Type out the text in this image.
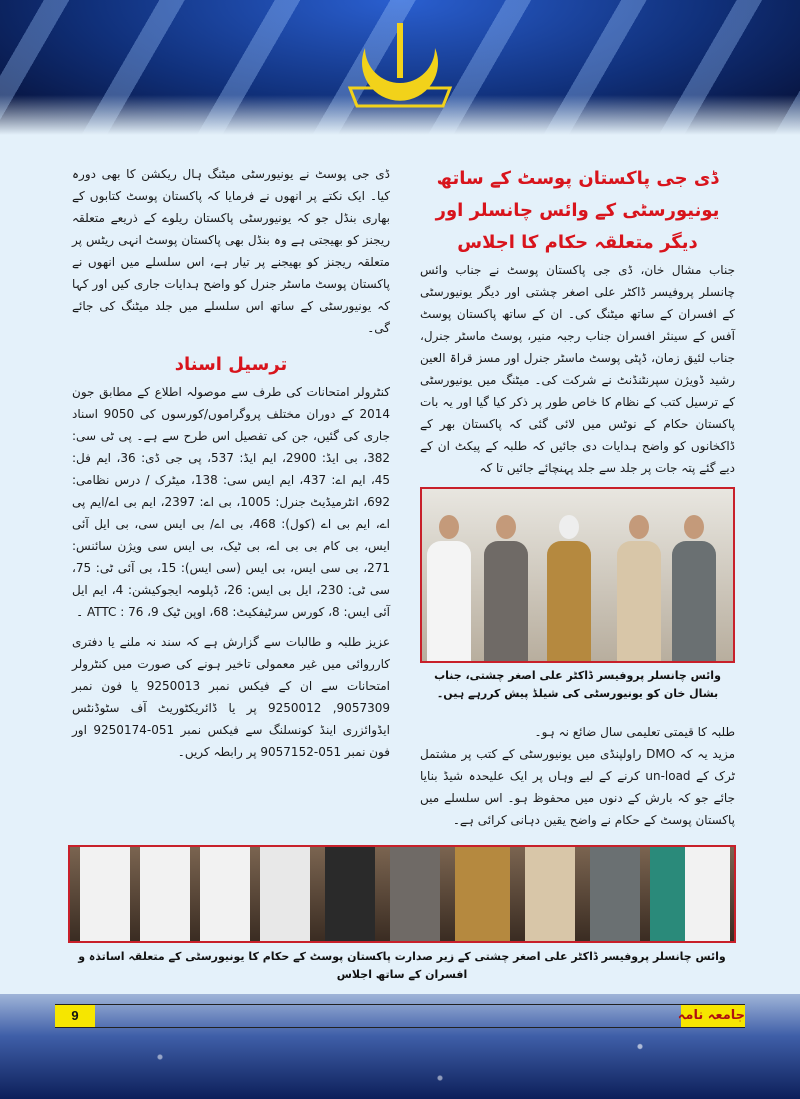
ڈی جی پوسٹ نے یونیورسٹی میٹنگ ہال ریکشن کا بھی دورہ کیا۔ ایک نکتے پر انھوں نے فرمایا کہ پاکستان پوسٹ کتابوں کے بھاری بنڈل جو کہ یونیورسٹی پاکستان ریلوے کے ذریعے متعلقہ ریجنز کو بھیجتی ہے وہ بنڈل بھی پاکستان پوسٹ انہی ریٹس پر متعلقہ ریجنز کو بھیجنے پر تیار ہے، اس سلسلے میں انھوں نے پاکستان پوسٹ ماسٹر جنرل کو واضح ہدایات جاری کیں اور کہا کہ یونیورسٹی کے ساتھ اس سلسلے میں جلد میٹنگ کی جائے گی۔

ترسیل اسناد

کنٹرولر امتحانات کی طرف سے موصولہ اطلاع کے مطابق جون 2014 کے دوران مختلف پروگراموں/کورسوں کی 9050 اسناد جاری کی گئیں، جن کی تفصیل اس طرح سے ہے۔ پی ٹی سی: 382، بی ایڈ: 2900، ایم ایڈ: 537، پی جی ڈی: 36، ایم فل: 45، ایم اے: 437، ایم ایس سی: 138، میٹرک / درس نظامی: 692، انٹرمیڈیٹ جنرل: 1005، بی اے: 2397، ایم بی اے/ایم پی اے، ایم بی اے (کول): 468، بی اے/ بی ایس سی، بی ایل آئی ایس، بی کام بی بی اے، بی ٹیک، بی ایس سی ویژن سائنس: 271، بی سی ایس، بی ایس (سی ایس): 15، بی آئی ٹی: 75، سی ٹی: 230، ایل بی ایس: 26، ڈپلومہ ایجوکیشن: 4، ایم ایل آئی ایس: 8، کورس سرٹیفکیٹ: 68، اوپن ٹیک 9، ATTC : 76 ۔

عزیز طلبہ و طالبات سے گزارش ہے کہ سند نہ ملنے یا دفتری کارروائی میں غیر معمولی تاخیر ہونے کی صورت میں کنٹرولر امتحانات سے ان کے فیکس نمبر 9250013 یا فون نمبر 9057309, 9250012 پر یا ڈائریکٹوریٹ آف سٹوڈنٹس ایڈوائزری اینڈ کونسلنگ سے فیکس نمبر 051-9250174 اور فون نمبر 051-9057152 پر رابطہ کریں۔

ڈی جی پاکستان پوسٹ کے ساتھ یونیورسٹی کے وائس چانسلر اور

دیگر متعلقہ حکام کا اجلاس

جناب مشال خان، ڈی جی پاکستان پوسٹ نے جناب وائس چانسلر پروفیسر ڈاکٹر علی اصغر چشتی اور دیگر یونیورسٹی کے افسران کے ساتھ میٹنگ کی۔ ان کے ساتھ پاکستان پوسٹ آفس کے سینئر افسران جناب رجبہ منیر، پوسٹ ماسٹر جنرل، جناب لئیق زمان، ڈپٹی پوسٹ ماسٹر جنرل اور مسز قراۃ العین رشید ڈویژن سپرنٹنڈنٹ نے شرکت کی۔ میٹنگ میں یونیورسٹی کے ترسیل کتب کے نظام کا خاص طور پر ذکر کیا گیا اور یہ بات پاکستان حکام کے نوٹس میں لائی گئی کہ پاکستان بھر کے ڈاکخانوں کو واضح ہدایات دی جائیں کہ طلبہ کے پیکٹ ان کے دیے گئے پتہ جات پر جلد سے جلد پہنچائے جائیں تا کہ

وائس چانسلر پروفیسر ڈاکٹر علی اصغر چشتی، جناب بشال خان کو یونیورسٹی کی شیلڈ پیش کررہے ہیں۔

طلبہ کا قیمتی تعلیمی سال ضائع نہ ہو۔

مزید یہ کہ DMO راولپنڈی میں یونیورسٹی کے کتب پر مشتمل ٹرک کے un-load کرنے کے لیے وہاں پر ایک علیحدہ شیڈ بنایا جائے جو کہ بارش کے دنوں میں محفوظ ہو۔ اس سلسلے میں پاکستان پوسٹ کے حکام نے واضح یقین دہانی کرائی ہے۔

وائس چانسلر پروفیسر ڈاکٹر علی اصغر چشتی کے زیر صدارت پاکستان پوسٹ کے حکام کا یونیورسٹی کے متعلقہ اساتذہ و افسران کے ساتھ اجلاس
9	جامعہ نامہ
